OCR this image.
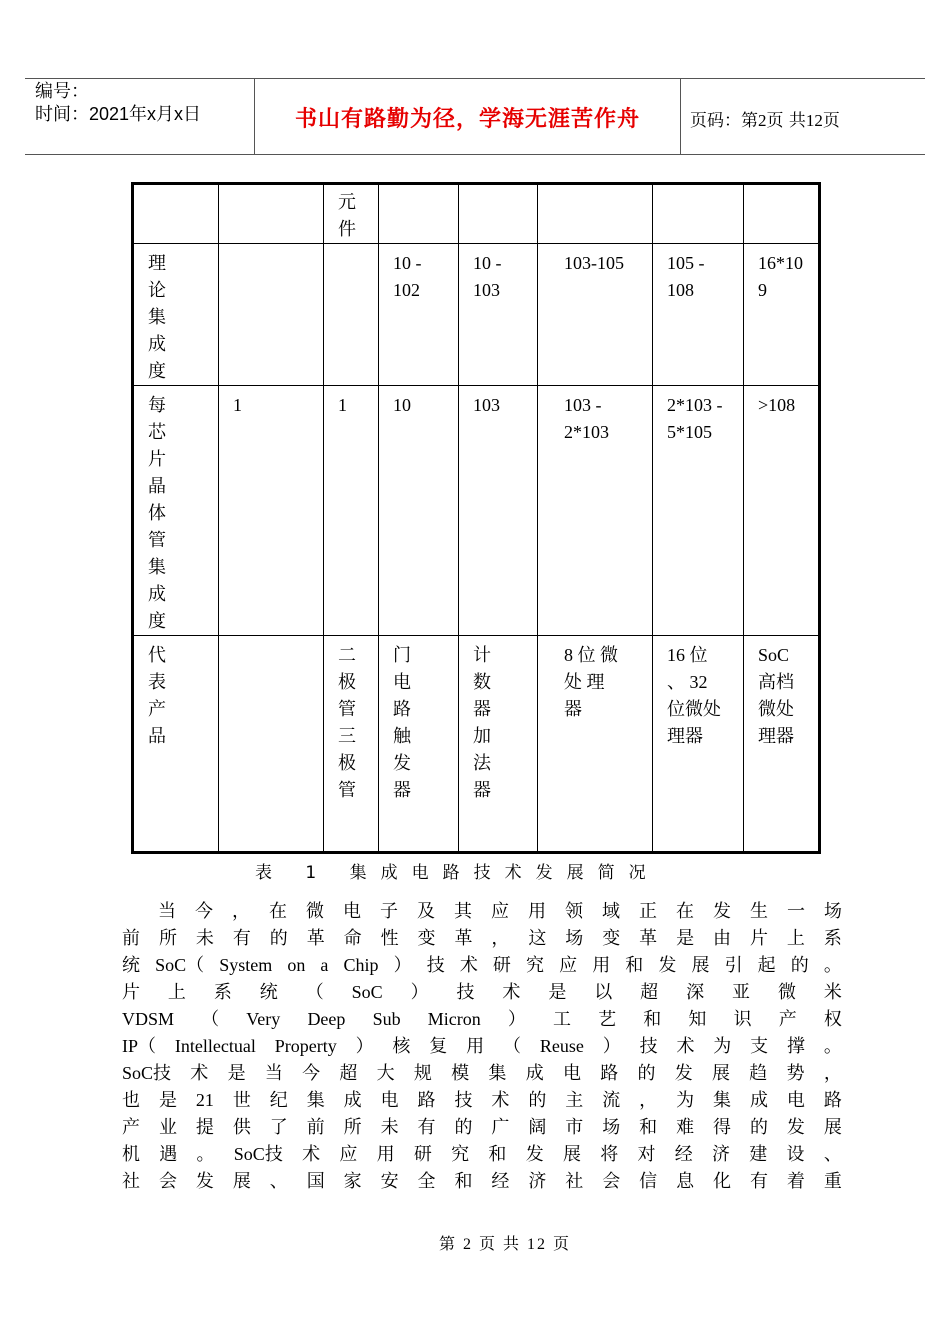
编号：
时间：2021年x月x日	书山有路勤为径，学海无涯苦作舟	页码：第2页 共12页

		元件					

理论集成度			10 - 102	10 - 103	103-105	105 - 108	16*109

每芯片晶体管集成度	1	1	10	103	103 - 2*103	2*103 - 5*105	>108

代表产品		二极管三极管	门电路触发器	计数器加法器	8 位 微 处 理 器	16 位 、 32 位微处理器	SoC高档微处理器
表 1 集成电路技术发展简况
当 今 ， 在 微 电 子 及 其 应 用 领 域 正 在 发 生 一 场
前 所 未 有 的 革 命 性 变 革 ， 这 场 变 革 是 由 片 上 系
统 SoC（ System on a Chip ） 技 术 研 究 应 用 和 发 展 引 起 的 。
片 上 系 统 （ SoC ） 技 术 是 以 超 深 亚 微 米
VDSM （ Very Deep Sub Micron ） 工 艺 和 知 识 产 权
IP（ Intellectual Property ） 核 复 用 （ Reuse ） 技 术 为 支 撑 。
SoC技 术 是 当 今 超 大 规 模 集 成 电 路 的 发 展 趋 势 ，
也 是 21 世 纪 集 成 电 路 技 术 的 主 流 ， 为 集 成 电 路
产 业 提 供 了 前 所 未 有 的 广 阔 市 场 和 难 得 的 发 展
机 遇 。 SoC技 术 应 用 研 究 和 发 展 将 对 经 济 建 设 、
社 会 发 展 、 国 家 安 全 和 经 济 社 会 信 息 化 有 着 重
第 2 页 共 12 页
